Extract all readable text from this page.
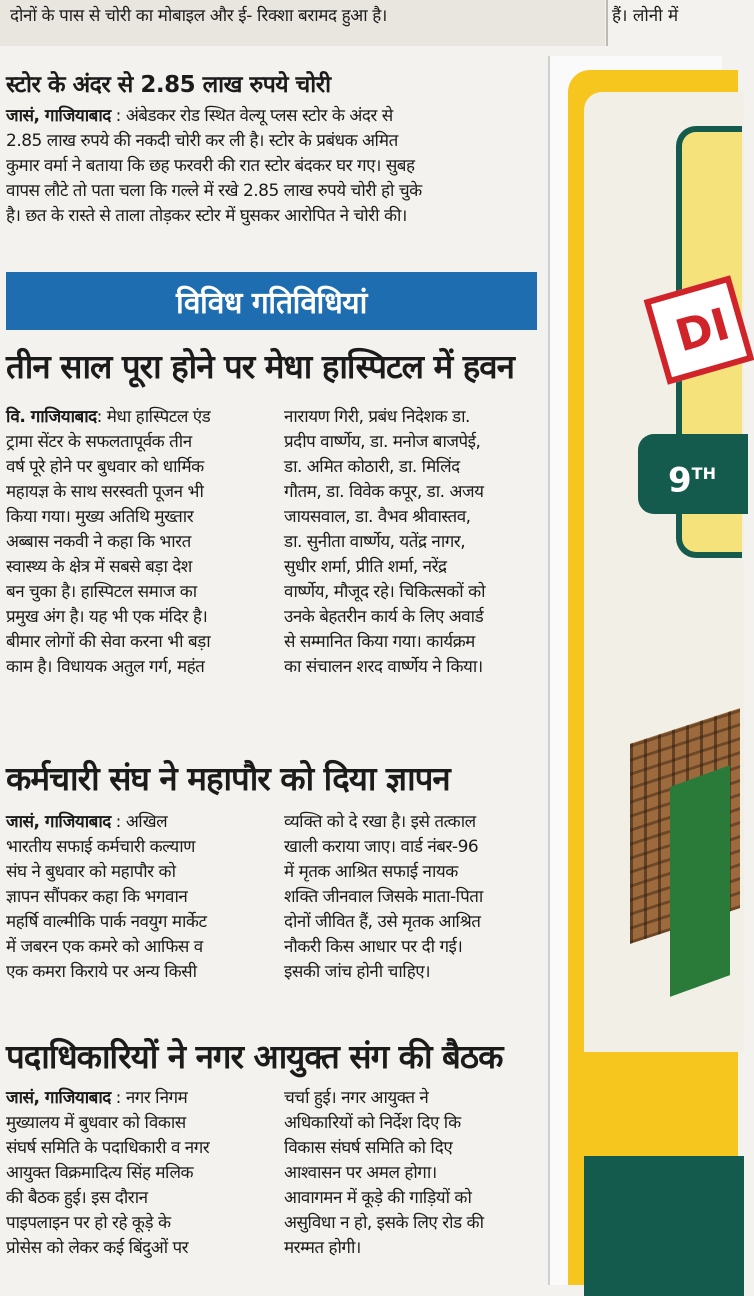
दोनों के पास से चोरी का मोबाइल और ई- रिक्शा बरामद हुआ है।	हैं। लोनी में
स्टोर के अंदर से 2.85 लाख रुपये चोरी
जासं, गाजियाबाद : अंबेडकर रोड स्थित वेल्यू प्लस स्टोर के अंदर से
2.85 लाख रुपये की नकदी चोरी कर ली है। स्टोर के प्रबंधक अमित
कुमार वर्मा ने बताया कि छह फरवरी की रात स्टोर बंदकर घर गए। सुबह
वापस लौटे तो पता चला कि गल्ले में रखे 2.85 लाख रुपये चोरी हो चुके
है। छत के रास्ते से ताला तोड़कर स्टोर में घुसकर आरोपित ने चोरी की।
विविध गतिविधियां
तीन साल पूरा होने पर मेधा हास्पिटल में हवन
वि. गाजियाबाद: मेधा हास्पिटल एंड
ट्रामा सेंटर के सफलतापूर्वक तीन
वर्ष पूरे होने पर बुधवार को धार्मिक
महायज्ञ के साथ सरस्वती पूजन भी
किया गया। मुख्य अतिथि मुख्तार
अब्बास नकवी ने कहा कि भारत
स्वास्थ्य के क्षेत्र में सबसे बड़ा देश
बन चुका है। हास्पिटल समाज का
प्रमुख अंग है। यह भी एक मंदिर है।
बीमार लोगों की सेवा करना भी बड़ा
काम है। विधायक अतुल गर्ग, महंत
नारायण गिरी, प्रबंध निदेशक डा.
प्रदीप वार्ष्णेय, डा. मनोज बाजपेई,
डा. अमित कोठारी, डा. मिलिंद
गौतम, डा. विवेक कपूर, डा. अजय
जायसवाल, डा. वैभव श्रीवास्तव,
डा. सुनीता वार्ष्णेय, यतेंद्र नागर,
सुधीर शर्मा, प्रीति शर्मा, नरेंद्र
वार्ष्णेय, मौजूद रहे। चिकित्सकों को
उनके बेहतरीन कार्य के लिए अवार्ड
से सम्मानित किया गया। कार्यक्रम
का संचालन शरद वार्ष्णेय ने किया।
कर्मचारी संघ ने महापौर को दिया ज्ञापन
जासं, गाजियाबाद : अखिल
भारतीय सफाई कर्मचारी कल्याण
संघ ने बुधवार को महापौर को
ज्ञापन सौंपकर कहा कि भगवान
महर्षि वाल्मीकि पार्क नवयुग मार्केट
में जबरन एक कमरे को आफिस व
एक कमरा किराये पर अन्य किसी
व्यक्ति को दे रखा है। इसे तत्काल
खाली कराया जाए। वार्ड नंबर-96
में मृतक आश्रित सफाई नायक
शक्ति जीनवाल जिसके माता-पिता
दोनों जीवित हैं, उसे मृतक आश्रित
नौकरी किस आधार पर दी गई।
इसकी जांच होनी चाहिए।
पदाधिकारियों ने नगर आयुक्त संग की बैठक
जासं, गाजियाबाद : नगर निगम
मुख्यालय में बुधवार को विकास
संघर्ष समिति के पदाधिकारी व नगर
आयुक्त विक्रमादित्य सिंह मलिक
की बैठक हुई। इस दौरान
पाइपलाइन पर हो रहे कूड़े के
प्रोसेस को लेकर कई बिंदुओं पर
चर्चा हुई। नगर आयुक्त ने
अधिकारियों को निर्देश दिए कि
विकास संघर्ष समिति को दिए
आश्वासन पर अमल होगा।
आवागमन में कूड़े की गाड़ियों को
असुविधा न हो, इसके लिए रोड की
मरम्मत होगी।
DI
9TH
